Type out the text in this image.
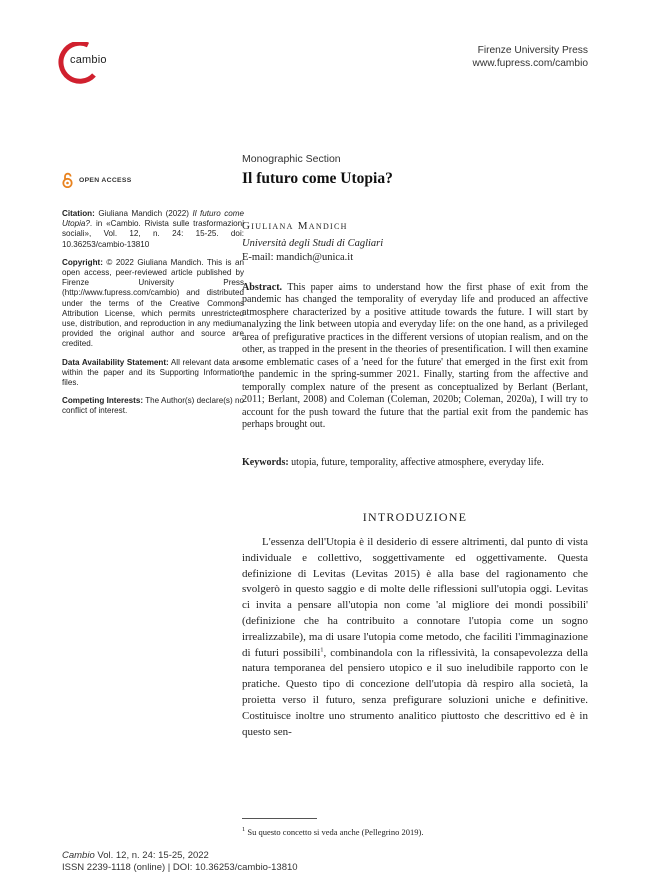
cambio
Firenze University Press
www.fupress.com/cambio
Monographic Section
Il futuro come Utopia?
OPEN ACCESS

Citation: Giuliana Mandich (2022) Il futuro come Utopia?. in «Cambio. Rivista sulle trasformazioni sociali», Vol. 12, n. 24: 15-25. doi: 10.36253/cambio-13810

Copyright: © 2022 Giuliana Mandich. This is an open access, peer-reviewed article published by Firenze University Press (http://www.fupress.com/cambio) and distributed under the terms of the Creative Commons Attribution License, which permits unrestricted use, distribution, and reproduction in any medium, provided the original author and source are credited.

Data Availability Statement: All relevant data are within the paper and its Supporting Information files.

Competing Interests: The Author(s) declare(s) no conflict of interest.

Giuliana Mandich
Università degli Studi di Cagliari
E-mail: mandich@unica.it

Abstract. This paper aims to understand how the first phase of exit from the pandemic has changed the temporality of everyday life and produced an affective atmosphere characterized by a positive attitude towards the future. I will start by analyzing the link between utopia and everyday life: on the one hand, as a privileged area of prefigurative practices in the different versions of utopian realism, and on the other, as trapped in the present in the theories of presentification. I will then examine some emblematic cases of a 'need for the future' that emerged in the first exit from the pandemic in the spring-summer 2021. Finally, starting from the affective and temporally complex nature of the present as conceptualized by Berlant (Berlant, 2011; Berlant, 2008) and Coleman (Coleman, 2020b; Coleman, 2020a), I will try to account for the push toward the future that the partial exit from the pandemic has perhaps brought out.

Keywords: utopia, future, temporality, affective atmosphere, everyday life.

INTRODUZIONE

L'essenza dell'Utopia è il desiderio di essere altrimenti, dal punto di vista individuale e collettivo, soggettivamente ed oggettivamente. Questa definizione di Levitas (Levitas 2015) è alla base del ragionamento che svolgerò in questo saggio e di molte delle riflessioni sull'utopia oggi. Levitas ci invita a pensare all'utopia non come 'al migliore dei mondi possibili' (definizione che ha contribuito a connotare l'utopia come un sogno irrealizzabile), ma di usare l'utopia come metodo, che faciliti l'immaginazione di futuri possibili$^1$, combinandola con la riflessività, la consapevolezza della natura temporanea del pensiero utopico e il suo ineludibile rapporto con le pratiche. Questo tipo di concezione dell'utopia dà respiro alla società, la proietta verso il futuro, senza prefigurare soluzioni uniche e definitive. Costituisce inoltre uno strumento analitico piuttosto che descrittivo ed è in questo sen-

$^1$ Su questo concetto si veda anche (Pellegrino 2019).
Cambio Vol. 12, n. 24: 15-25, 2022
ISSN 2239-1118 (online) | DOI: 10.36253/cambio-13810
